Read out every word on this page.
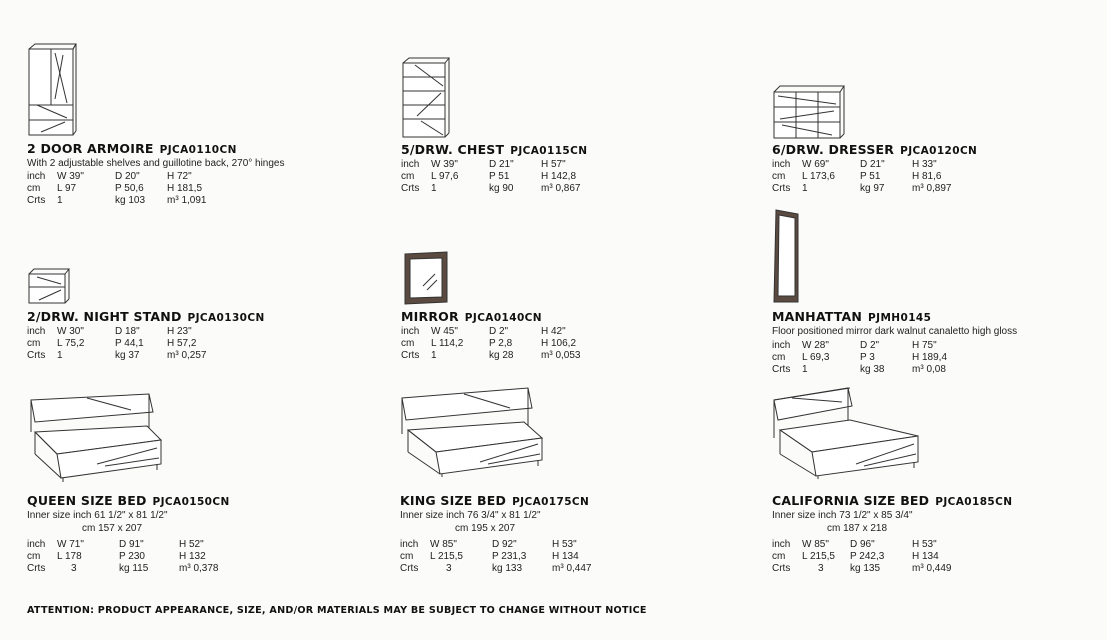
2 DOOR ARMOIRE PJCA0110CN
With 2 adjustable shelves and guillotine back, 270° hinges
inch W 39"	D 20"	H 72"
cm L 97	P 50,6 H 181,5
Crts 1	kg 103 m³ 1,091
5/DRW. CHEST PJCA0115CN
inch W 39"	D 21"	H 57"
cm L 97,6	P 51	H 142,8
Crts 1	kg 90	m³ 0,867
6/DRW. DRESSER PJCA0120CN
inch W 69"	D 21"	H 33"
cm L 173,6	P 51	H 81,6
Crts 1	kg 97	m³ 0,897
2/DRW. NIGHT STAND PJCA0130CN
inch W 30"	D 18"	H 23"
cm L 75,2	P 44,1 H 57,2
Crts 1	kg 37	m³ 0,257
MIRROR PJCA0140CN
inch W 45"	D 2"	H 42"
cm L 114,2	P 2,8	H 106,2
Crts 1	kg 28	m³ 0,053
MANHATTAN PJMH0145
Floor positioned mirror dark walnut canaletto high gloss
inch W 28"	D 2"	H 75"
cm L 69,3	P 3	H 189,4
Crts 1	kg 38	m³ 0,08
QUEEN SIZE BED PJCA0150CN
Inner size inch 61 1/2" x 81 1/2"
cm 157 x 207
inch W 71"	D 91"	H 52"
cm L 178	P 230	H 132
Crts	3	kg 115	m³ 0,378
KING SIZE BED PJCA0175CN
Inner size inch 76 3/4" x 81 1/2"
cm 195 x 207
inch W 85"	D 92"	H 53"
cm L 215,5	P 231,3	H 134
Crts	3	kg 133	m³ 0,447
CALIFORNIA SIZE BED PJCA0185CN
Inner size inch 73 1/2" x 85 3/4"
cm 187 x 218
inch W 85" D 96"	H 53"
cm L 215,5 P 242,3	H 134
Crts	3	kg 135	m³ 0,449
ATTENTION: PRODUCT APPEARANCE, SIZE, AND/OR MATERIALS MAY BE SUBJECT TO CHANGE WITHOUT NOTICE
